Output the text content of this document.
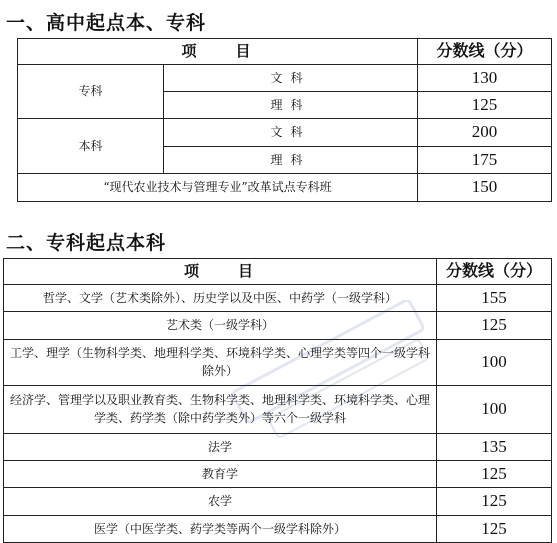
一、高中起点本、专科
项　　目		分数线（分）
专科	文科	130
	理科	125
本科	文科	200
	理科	175
“现代农业技术与管理专业”改革试点专科班		150
二、专科起点本科
项　　目	分数线（分）
哲学、文学（艺术类除外）、历史学以及中医、中药学（一级学科）	155
艺术类（一级学科）	125
工学、理学（生物科学类、地理科学类、环境科学类、心理学类等四个一级学科除外）	100
经济学、管理学以及职业教育类、生物科学类、地理科学类、环境科学类、心理学类、药学类（除中药学类外）等六个一级学科	100
法学	135
教育学	125
农学	125
医学（中医学类、药学类等两个一级学科除外）	125
